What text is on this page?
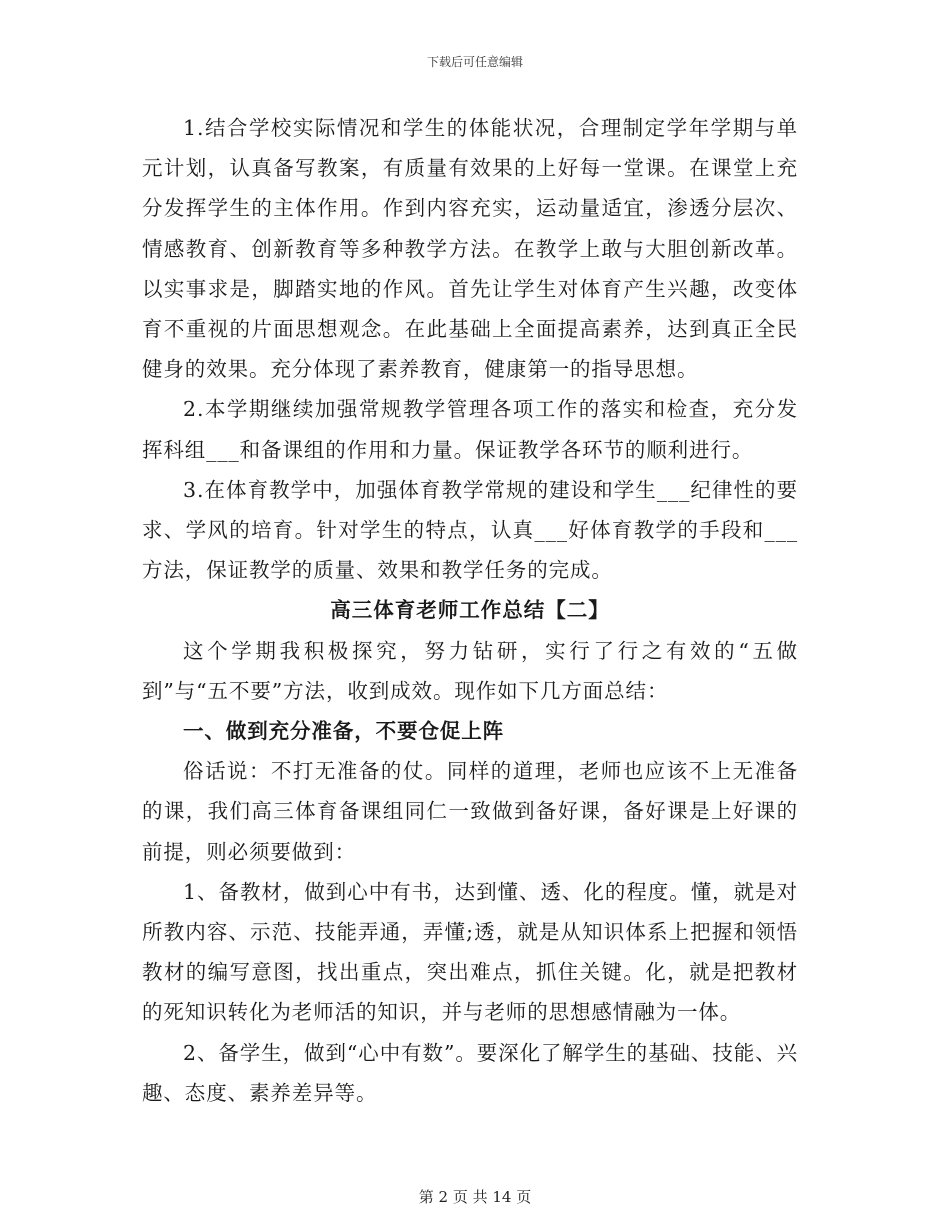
下载后可任意编辑

1.结合学校实际情况和学生的体能状况，合理制定学年学期与单元计划，认真备写教案，有质量有效果的上好每一堂课。在课堂上充分发挥学生的主体作用。作到内容充实，运动量适宜，渗透分层次、情感教育、创新教育等多种教学方法。在教学上敢与大胆创新改革。以实事求是，脚踏实地的作风。首先让学生对体育产生兴趣，改变体育不重视的片面思想观念。在此基础上全面提高素养，达到真正全民健身的效果。充分体现了素养教育，健康第一的指导思想。

2.本学期继续加强常规教学管理各项工作的落实和检查，充分发挥科组___和备课组的作用和力量。保证教学各环节的顺利进行。

3.在体育教学中，加强体育教学常规的建设和学生___纪律性的要求、学风的培育。针对学生的特点，认真___好体育教学的手段和___方法，保证教学的质量、效果和教学任务的完成。

高三体育老师工作总结【二】

这个学期我积极探究，努力钻研，实行了行之有效的“五做到”与“五不要”方法，收到成效。现作如下几方面总结：

一、做到充分准备，不要仓促上阵

俗话说：不打无准备的仗。同样的道理，老师也应该不上无准备的课，我们高三体育备课组同仁一致做到备好课，备好课是上好课的前提，则必须要做到：

1、备教材，做到心中有书，达到懂、透、化的程度。懂，就是对所教内容、示范、技能弄通，弄懂;透，就是从知识体系上把握和领悟教材的编写意图，找出重点，突出难点，抓住关键。化，就是把教材的死知识转化为老师活的知识，并与老师的思想感情融为一体。

2、备学生，做到“心中有数”。要深化了解学生的基础、技能、兴趣、态度、素养差异等。

第 2 页 共 14 页
